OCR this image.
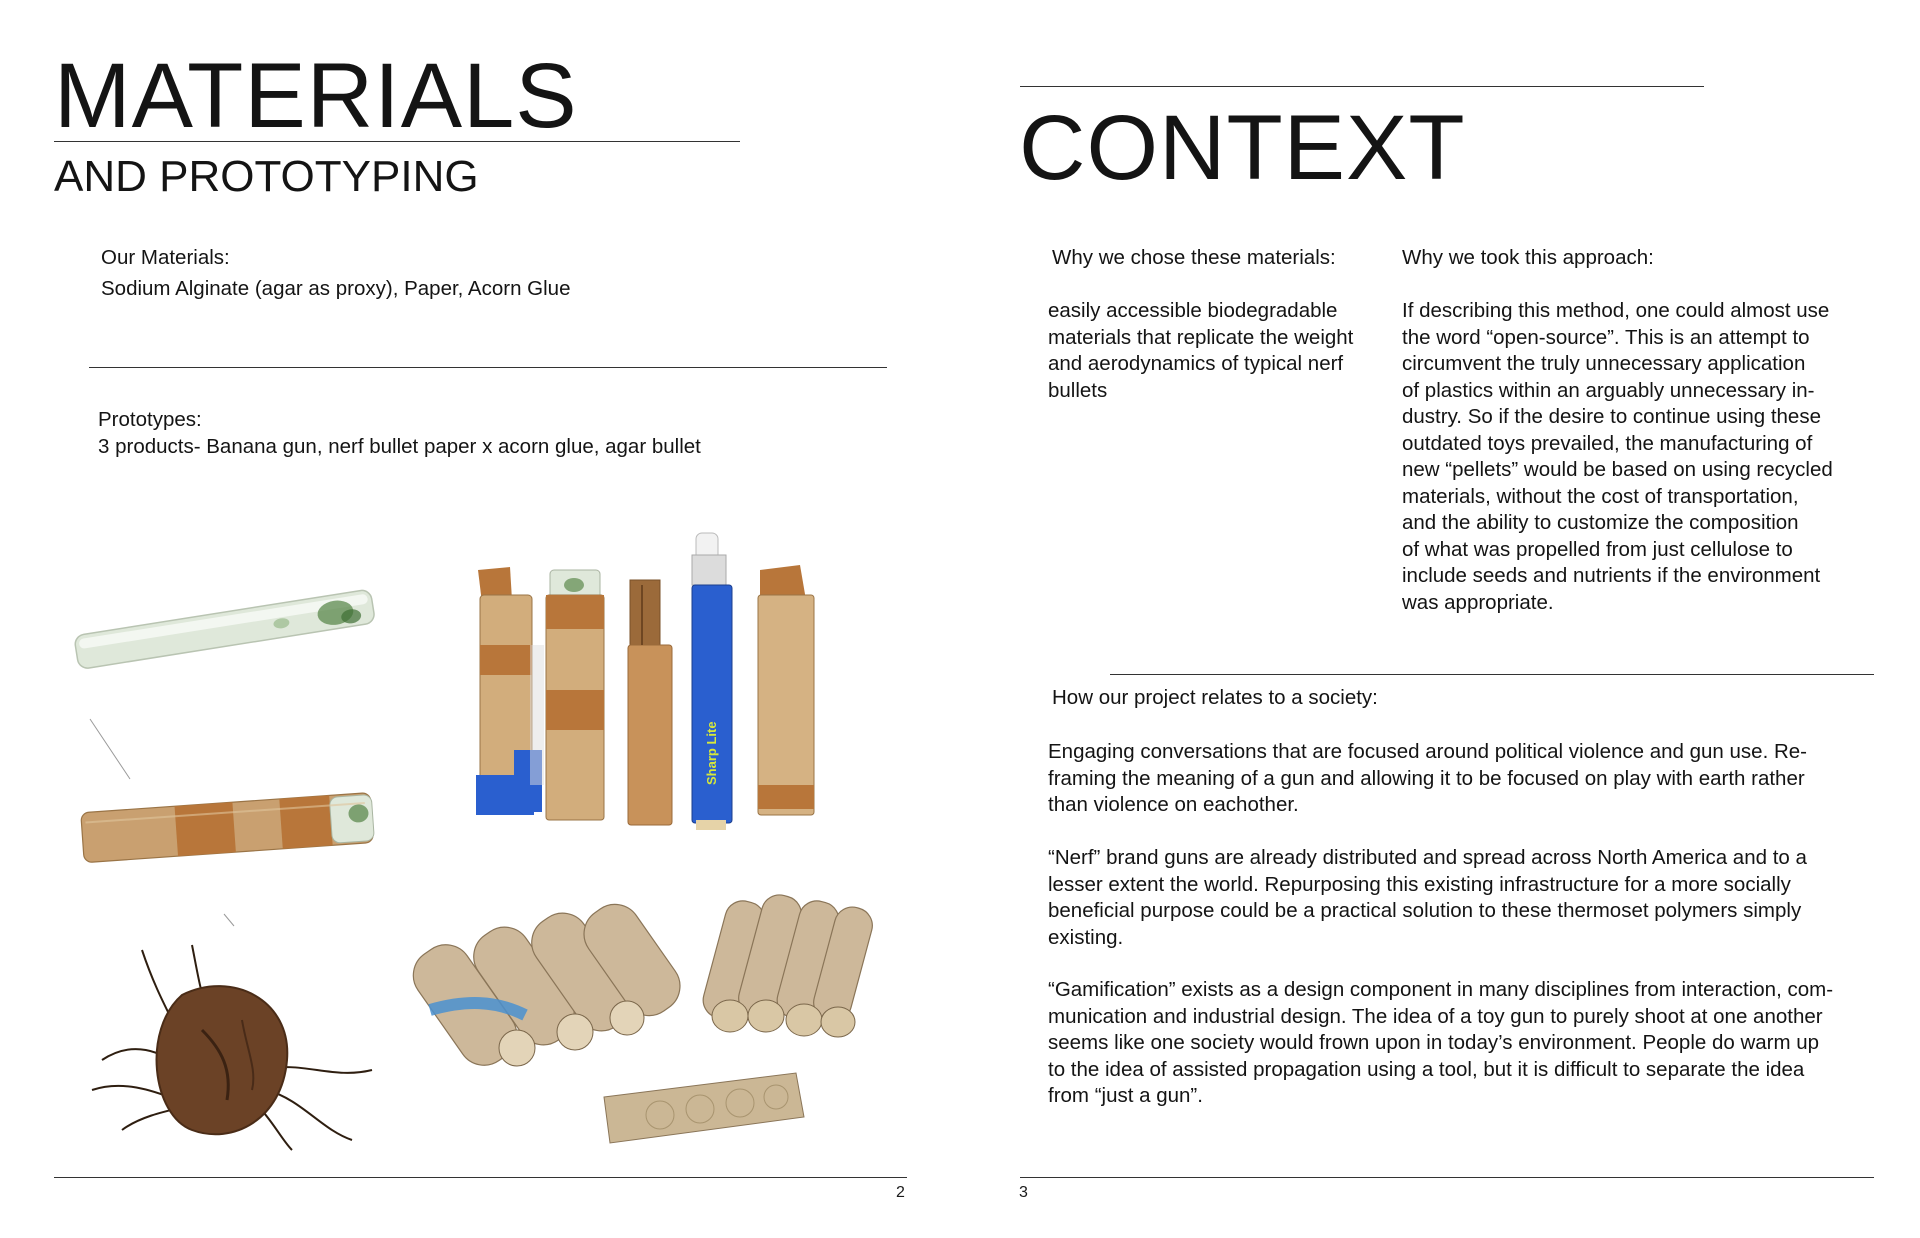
MATERIALS
AND PROTOTYPING
Our Materials:
Sodium Alginate (agar as proxy), Paper, Acorn Glue
Prototypes:
3 products- Banana gun, nerf bullet paper x acorn glue, agar bullet
Sharp Lite
2
CONTEXT
Why we chose these materials:
easily accessible biodegradable
materials that replicate the weight
and aerodynamics of typical nerf
bullets
Why we took this approach:
If describing this method, one could almost use
the word “open-source”. This is an attempt to
circumvent the truly unnecessary application
of plastics within an arguably unnecessary in-
dustry. So if the desire to continue using these
outdated toys prevailed, the manufacturing of
new “pellets” would be based on using recycled
materials, without the cost of transportation,
and the ability to customize the composition
of what was propelled from just cellulose to
include seeds and nutrients if the environment
was appropriate.
How our project relates to a society:
Engaging conversations that are focused around political violence and gun use. Re-
framing the meaning of a gun and allowing it to be focused on play with earth rather
than violence on eachother.
“Nerf” brand guns are already distributed and spread across North America and to a
lesser extent the world. Repurposing this existing infrastructure for a more socially
beneficial purpose could be a practical solution to these thermoset polymers simply
existing.
“Gamification” exists as a design component in many disciplines from interaction, com-
munication and industrial design. The idea of a toy gun to purely shoot at one another
seems like one society would frown upon in today’s environment. People do warm up
to the idea of assisted propagation using a tool, but it is difficult to separate the idea
from “just a gun”.
3
